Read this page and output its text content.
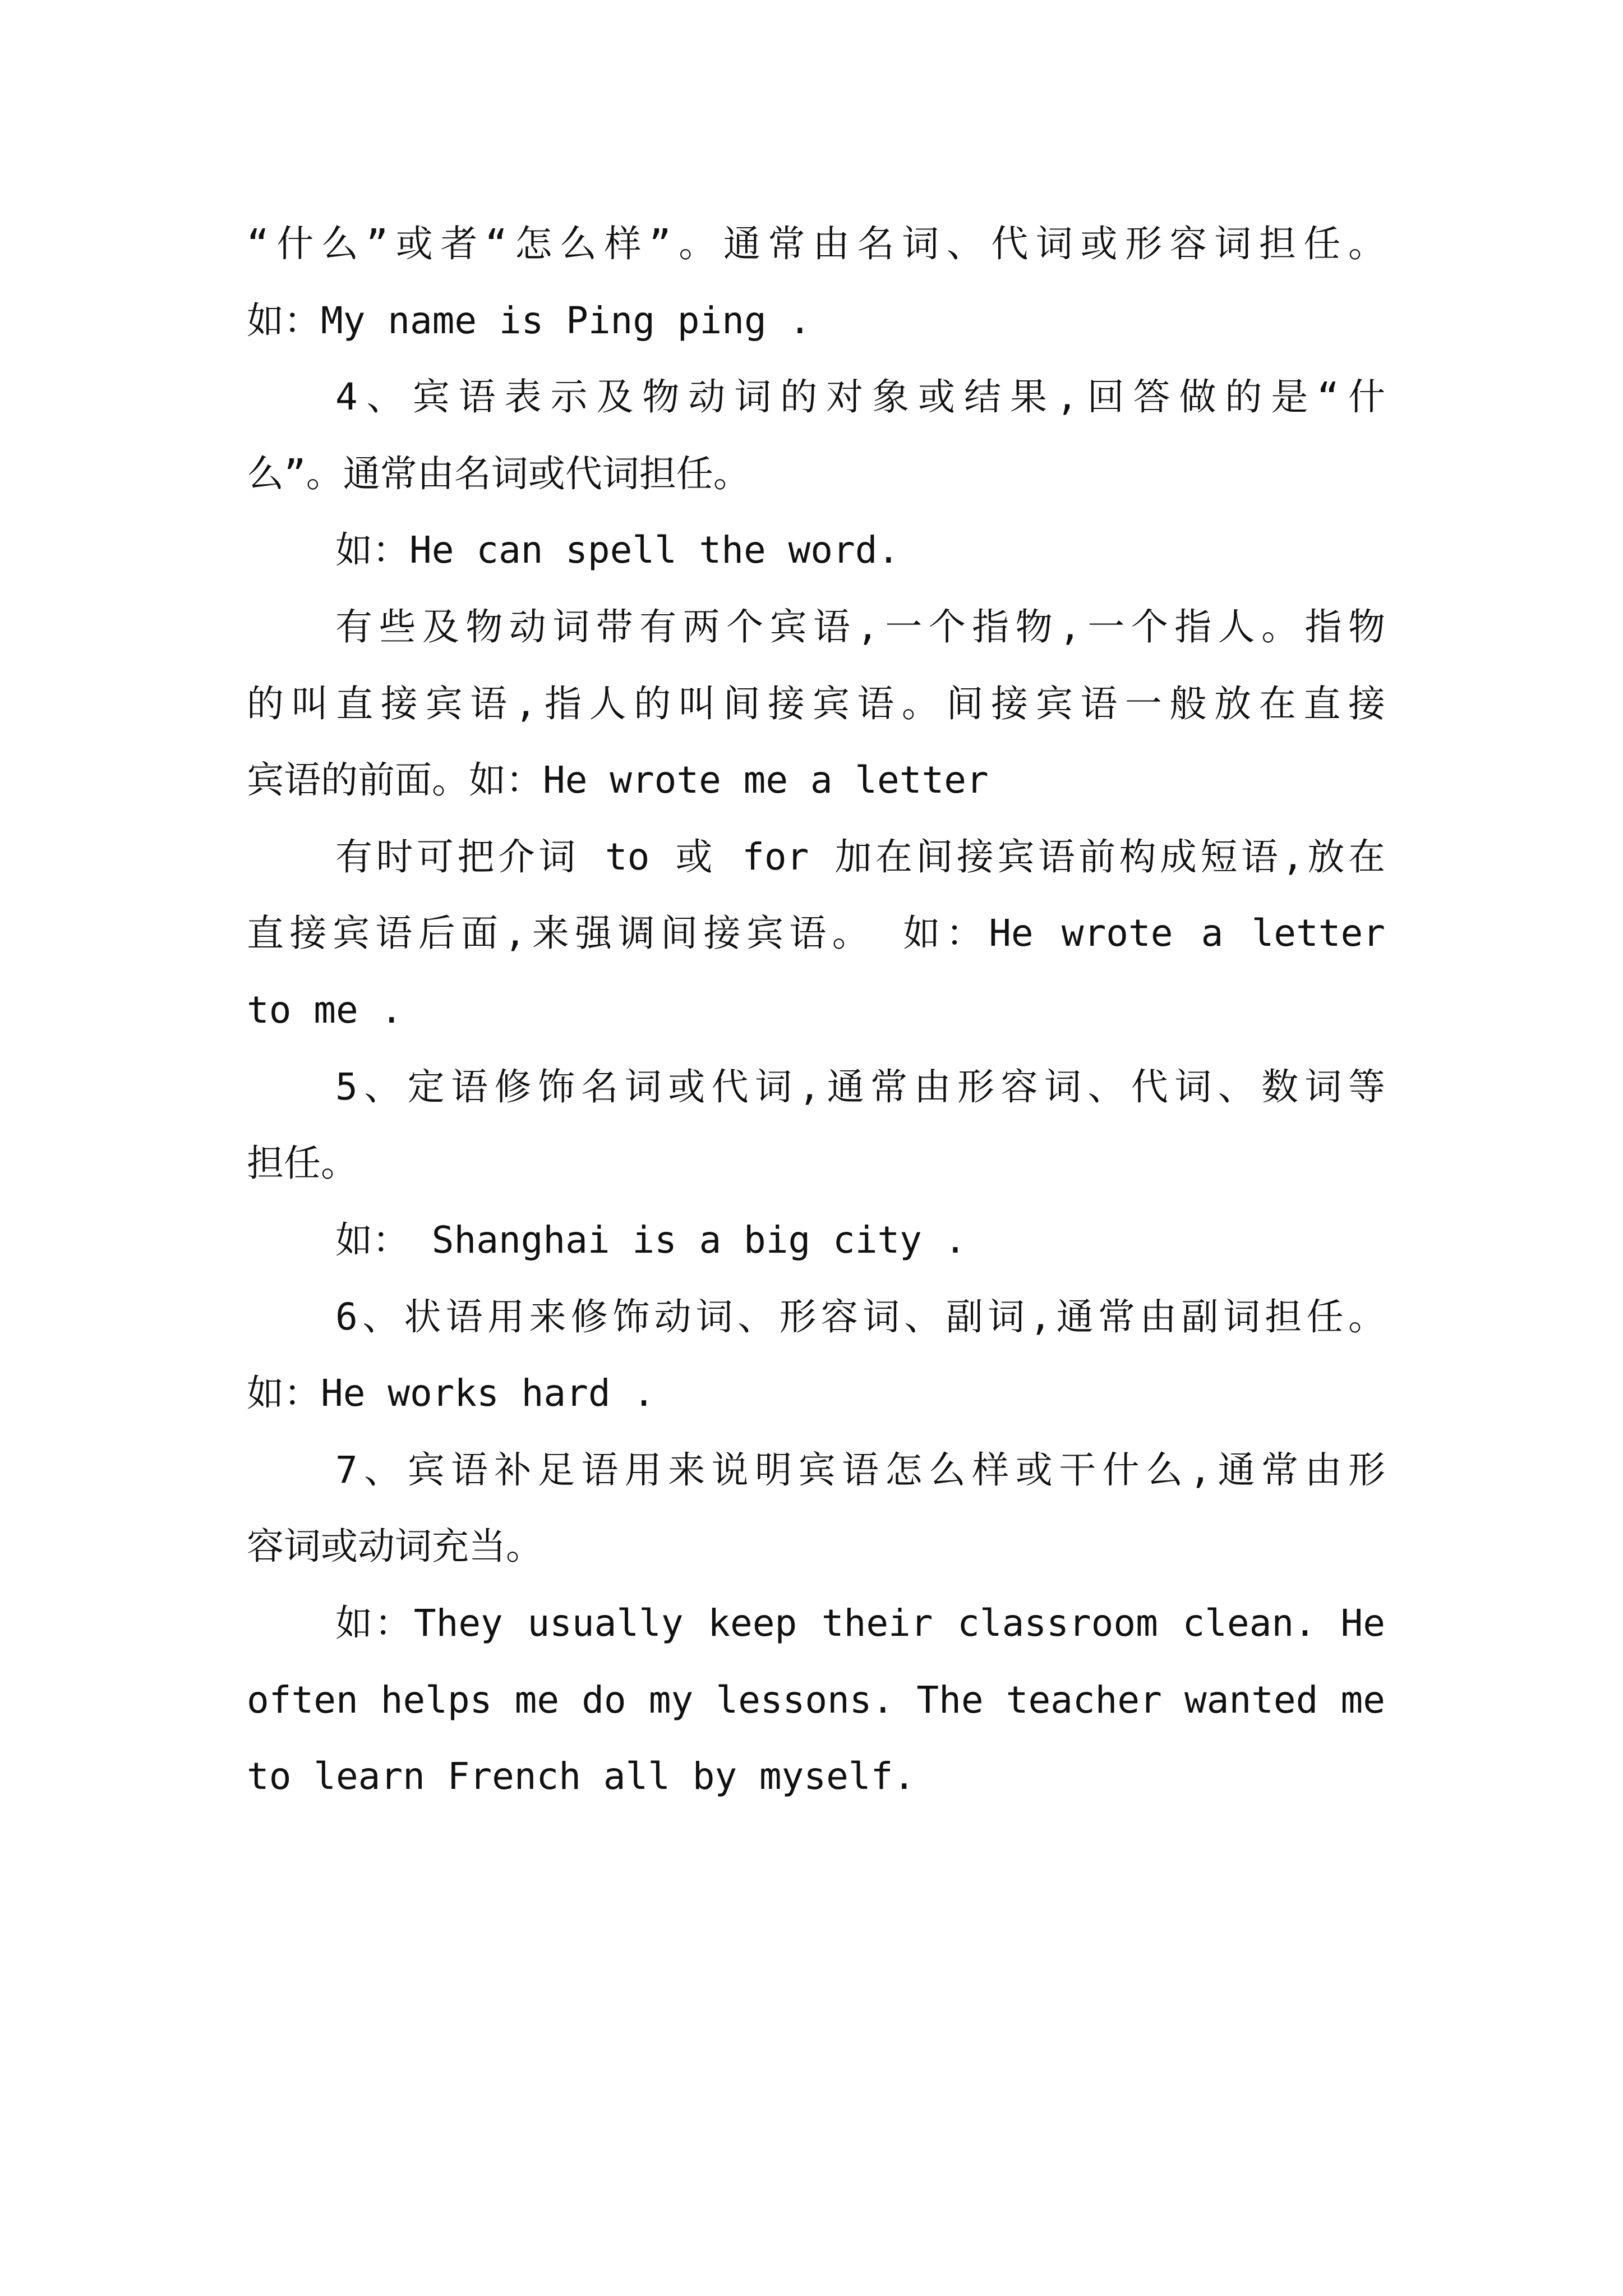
“什么”或者“怎么样”。通常由名词、代词或形容词担任。
如：My name is Ping ping .
4、宾语表示及物动词的对象或结果,回答做的是“什
么”。通常由名词或代词担任。
如：He can spell the word.
有些及物动词带有两个宾语,一个指物,一个指人。指物
的叫直接宾语,指人的叫间接宾语。间接宾语一般放在直接
宾语的前面。如：He wrote me a letter
有时可把介词 to 或 for 加在间接宾语前构成短语,放在
直接宾语后面,来强调间接宾语。 如：He wrote a letter
to me .
5、定语修饰名词或代词,通常由形容词、代词、数词等
担任。
如： Shanghai is a big city .
6、状语用来修饰动词、形容词、副词,通常由副词担任。
如：He works hard .
7、宾语补足语用来说明宾语怎么样或干什么,通常由形
容词或动词充当。
如：They usually keep their classroom clean. He
often helps me do my lessons. The teacher wanted me
to learn French all by myself.
